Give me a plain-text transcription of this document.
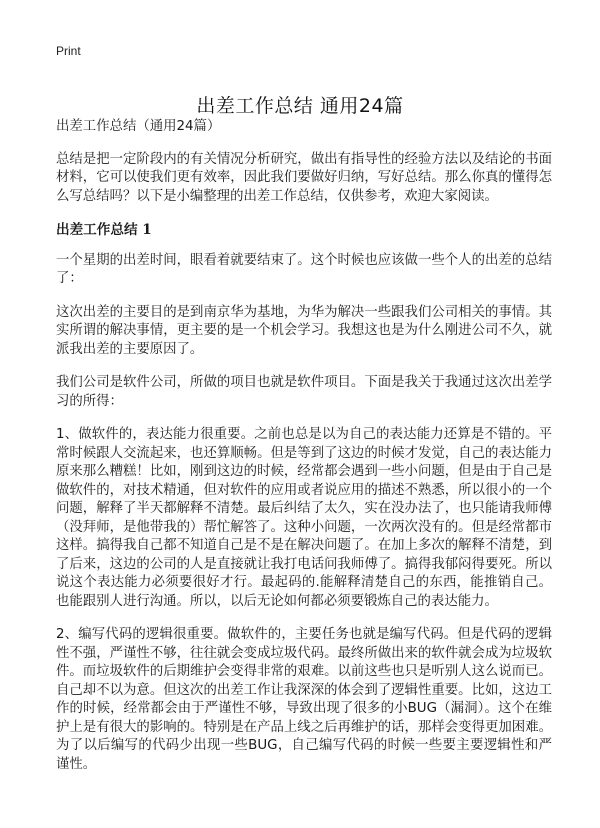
Print
出差工作总结 通用24篇

出差工作总结（通用24篇）

总结是把一定阶段内的有关情况分析研究，做出有指导性的经验方法以及结论的书面材料，它可以使我们更有效率，因此我们要做好归纳，写好总结。那么你真的懂得怎么写总结吗？以下是小编整理的出差工作总结，仅供参考，欢迎大家阅读。

出差工作总结 1

一个星期的出差时间，眼看着就要结束了。这个时候也应该做一些个人的出差的总结了：

这次出差的主要目的是到南京华为基地，为华为解决一些跟我们公司相关的事情。其实所谓的解决事情，更主要的是一个机会学习。我想这也是为什么刚进公司不久，就派我出差的主要原因了。

我们公司是软件公司，所做的项目也就是软件项目。下面是我关于我通过这次出差学习的所得：

1、做软件的，表达能力很重要。之前也总是以为自己的表达能力还算是不错的。平常时候跟人交流起来，也还算顺畅。但是等到了这边的时候才发觉，自己的表达能力原来那么糟糕！比如，刚到这边的时候，经常都会遇到一些小问题，但是由于自己是做软件的，对技术精通，但对软件的应用或者说应用的描述不熟悉，所以很小的一个问题，解释了半天都解释不清楚。最后纠结了太久，实在没办法了，也只能请我师傅（没拜师，是他带我的）帮忙解答了。这种小问题，一次两次没有的。但是经常都市这样。搞得我自己都不知道自己是不是在解决问题了。在加上多次的解释不清楚，到了后来，这边的公司的人是直接就让我打电话问我师傅了。搞得我郁闷得要死。所以说这个表达能力必须要很好才行。最起码的.能解释清楚自己的东西，能推销自己。也能跟别人进行沟通。所以，以后无论如何都必须要锻炼自己的表达能力。

2、编写代码的逻辑很重要。做软件的，主要任务也就是编写代码。但是代码的逻辑性不强，严谨性不够，往往就会变成垃圾代码。最终所做出来的软件就会成为垃圾软件。而垃圾软件的后期维护会变得非常的艰难。以前这些也只是听别人这么说而已。自己却不以为意。但这次的出差工作让我深深的体会到了逻辑性重要。比如，这边工作的时候，经常都会由于严谨性不够，导致出现了很多的小BUG（漏洞）。这个在维护上是有很大的影响的。特别是在产品上线之后再维护的话，那样会变得更加困难。为了以后编写的代码少出现一些BUG，自己编写代码的时候一些要主要逻辑性和严谨性。
